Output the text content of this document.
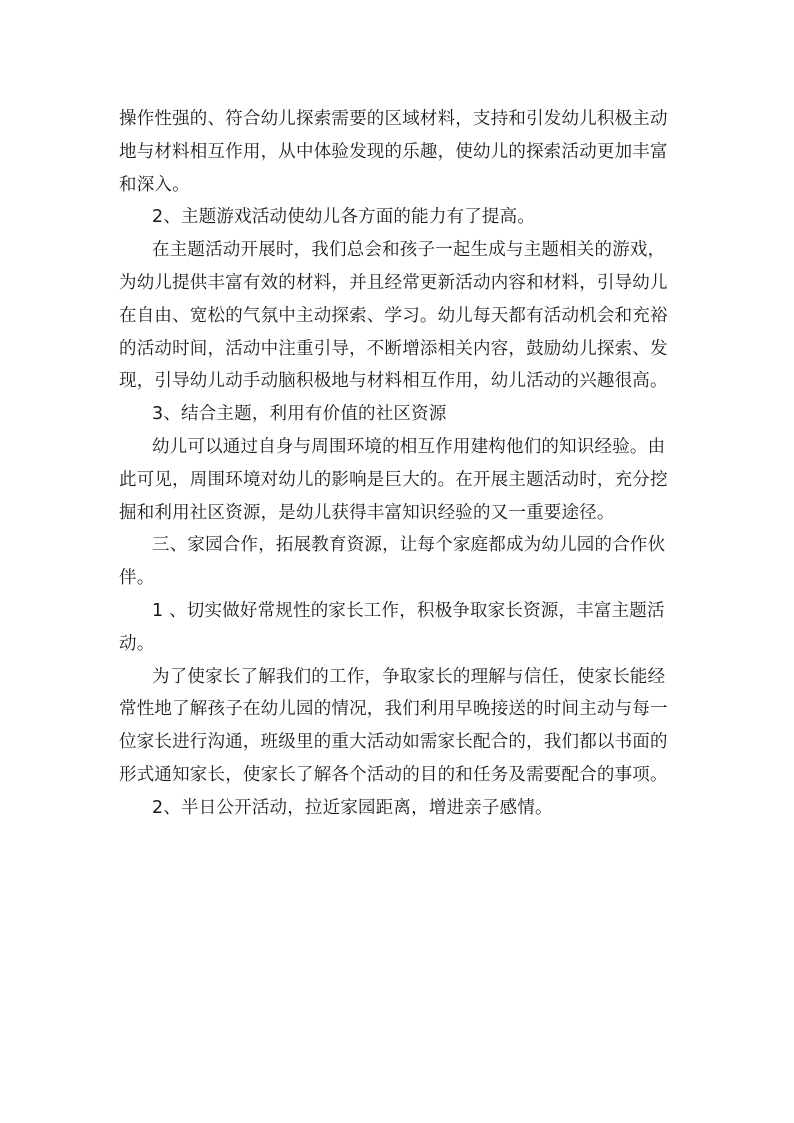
操作性强的、符合幼儿探索需要的区域材料，支持和引发幼儿积极主动
地与材料相互作用，从中体验发现的乐趣，使幼儿的探索活动更加丰富
和深入。
2、主题游戏活动使幼儿各方面的能力有了提高。
在主题活动开展时，我们总会和孩子一起生成与主题相关的游戏，
为幼儿提供丰富有效的材料，并且经常更新活动内容和材料，引导幼儿
在自由、宽松的气氛中主动探索、学习。幼儿每天都有活动机会和充裕
的活动时间，活动中注重引导，不断增添相关内容，鼓励幼儿探索、发
现，引导幼儿动手动脑积极地与材料相互作用，幼儿活动的兴趣很高。
3、结合主题，利用有价值的社区资源
幼儿可以通过自身与周围环境的相互作用建构他们的知识经验。由
此可见，周围环境对幼儿的影响是巨大的。在开展主题活动时，充分挖
掘和利用社区资源，是幼儿获得丰富知识经验的又一重要途径。
三、家园合作，拓展教育资源，让每个家庭都成为幼儿园的合作伙
伴。
1 、切实做好常规性的家长工作，积极争取家长资源，丰富主题活
动。
为了使家长了解我们的工作，争取家长的理解与信任，使家长能经
常性地了解孩子在幼儿园的情况，我们利用早晚接送的时间主动与每一
位家长进行沟通，班级里的重大活动如需家长配合的，我们都以书面的
形式通知家长，使家长了解各个活动的目的和任务及需要配合的事项。
2、半日公开活动，拉近家园距离，增进亲子感情。
